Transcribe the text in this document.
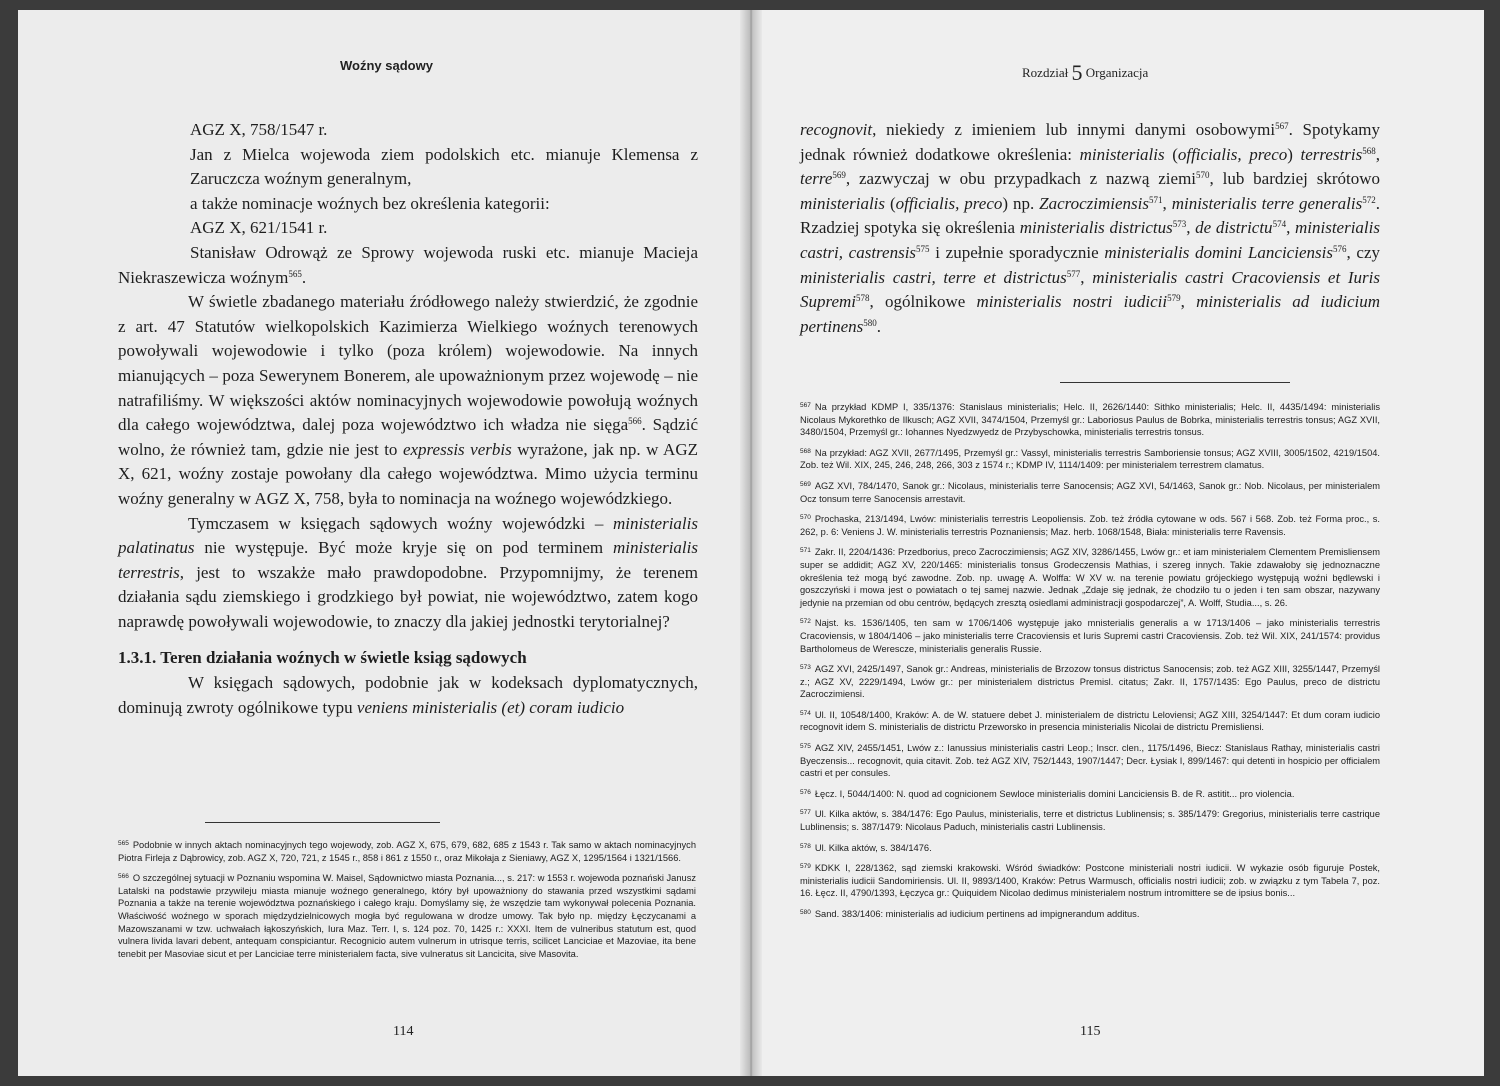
Woźny sądowy	Rozdział 5 Organizacja

AGZ X, 758/1547 r.

Jan z Mielca wojewoda ziem podolskich etc. mianuje Klemensa z Zaruczcza woźnym generalnym,

a także nominacje woźnych bez określenia kategorii:

AGZ X, 621/1541 r.

Stanisław Odrowąż ze Sprowy wojewoda ruski etc. mianuje Macieja Niekraszewicza woźnym$^{565}$.

W świetle zbadanego materiału źródłowego należy stwierdzić, że zgodnie z art. 47 Statutów wielkopolskich Kazimierza Wielkiego woźnych terenowych powoływali wojewodowie i tylko (poza królem) wojewodowie. Na innych mianujących – poza Sewerynem Bonerem, ale upoważnionym przez wojewodę – nie natrafiliśmy. W większości aktów nominacyjnych wojewodowie powołują woźnych dla całego województwa, dalej poza województwo ich władza nie sięga$^{566}$. Sądzić wolno, że również tam, gdzie nie jest to expressis verbis wyrażone, jak np. w AGZ X, 621, woźny zostaje powołany dla całego województwa. Mimo użycia terminu woźny generalny w AGZ X, 758, była to nominacja na woźnego wojewódzkiego.

Tymczasem w księgach sądowych woźny wojewódzki – ministerialis palatinatus nie występuje. Być może kryje się on pod terminem ministerialis terrestris, jest to wszakże mało prawdopodobne. Przypomnijmy, że terenem działania sądu ziemskiego i grodzkiego był powiat, nie województwo, zatem kogo naprawdę powoływali wojewodowie, to znaczy dla jakiej jednostki terytorialnej?

1.3.1. Teren działania woźnych w świetle ksiąg sądowych

W księgach sądowych, podobnie jak w kodeksach dyplomatycznych, dominują zwroty ogólnikowe typu veniens ministerialis (et) coram iudicio

$^{565}$ Podobnie w innych aktach nominacyjnych tego wojewody, zob. AGZ X, 675, 679, 682, 685 z 1543 r. Tak samo w aktach nominacyjnych Piotra Firleja z Dąbrowicy, zob. AGZ X, 720, 721, z 1545 r., 858 i 861 z 1550 r., oraz Mikołaja z Sieniawy, AGZ X, 1295/1564 i 1321/1566.

$^{566}$ O szczególnej sytuacji w Poznaniu wspomina W. Maisel, Sądownictwo miasta Poznania..., s. 217: w 1553 r. wojewoda poznański Janusz Latalski na podstawie przywileju miasta mianuje woźnego generalnego, który był upoważniony do stawania przed wszystkimi sądami Poznania a także na terenie województwa poznańskiego i całego kraju. Domyślamy się, że wszędzie tam wykonywał polecenia Poznania. Właściwość woźnego w sporach międzydzielnicowych mogła być regulowana w drodze umowy. Tak było np. między Łęczycanami a Mazowszanami w tzw. uchwałach łąkoszyńskich, Iura Maz. Terr. I, s. 124 poz. 70, 1425 r.: XXXI. Item de vulneribus statutum est, quod vulnera livida lavari debent, antequam conspiciantur. Recognicio autem vulnerum in utrisque terris, scilicet Lanciciae et Mazoviae, ita bene tenebit per Masoviae sicut et per Lanciciae terre ministerialem facta, sive vulneratus sit Lancicita, sive Masovita.

114

recognovit, niekiedy z imieniem lub innymi danymi osobowymi$^{567}$. Spotykamy jednak również dodatkowe określenia: ministerialis (officialis, preco) terrestris$^{568}$, terre$^{569}$, zazwyczaj w obu przypadkach z nazwą ziemi$^{570}$, lub bardziej skrótowo ministerialis (officialis, preco) np. Zacroczimiensis$^{571}$, ministerialis terre generalis$^{572}$. Rzadziej spotyka się określenia ministerialis districtus$^{573}$, de districtu$^{574}$, ministerialis castri, castrensis$^{575}$ i zupełnie sporadycznie ministerialis domini Lanciciensis$^{576}$, czy ministerialis castri, terre et districtus$^{577}$, ministerialis castri Cracoviensis et Iuris Supremi$^{578}$, ogólnikowe ministerialis nostri iudicii$^{579}$, ministerialis ad iudicium pertinens$^{580}$.

$^{567}$ Na przykład KDMP I, 335/1376: Stanislaus ministerialis; Helc. II, 2626/1440: Sithko ministerialis; Helc. II, 4435/1494: ministerialis Nicolaus Mykorethko de Ilkusch; AGZ XVII, 3474/1504, Przemyśl gr.: Laboriosus Paulus de Bobrka, ministerialis terrestris tonsus; AGZ XVII, 3480/1504, Przemyśl gr.: Iohannes Nyedzwyedz de Przybyschowka, ministerialis terrestris tonsus.

$^{568}$ Na przykład: AGZ XVII, 2677/1495, Przemyśl gr.: Vassyl, ministerialis terrestris Samboriensie tonsus; AGZ XVIII, 3005/1502, 4219/1504. Zob. też Wil. XIX, 245, 246, 248, 266, 303 z 1574 r.; KDMP IV, 1114/1409: per ministerialem terrestrem clamatus.

$^{569}$ AGZ XVI, 784/1470, Sanok gr.: Nicolaus, ministerialis terre Sanocensis; AGZ XVI, 54/1463, Sanok gr.: Nob. Nicolaus, per ministerialem Ocz tonsum terre Sanocensis arrestavit.

$^{570}$ Prochaska, 213/1494, Lwów: ministerialis terrestris Leopoliensis. Zob. też źródła cytowane w ods. 567 i 568. Zob. też Forma proc., s. 262, p. 6: Veniens J. W. ministerialis terrestris Poznaniensis; Maz. herb. 1068/1548, Biała: ministerialis terre Ravensis.

$^{571}$ Zakr. II, 2204/1436: Przedborius, preco Zacroczimiensis; AGZ XIV, 3286/1455, Lwów gr.: et iam ministerialem Clementem Premisliensem super se addidit; AGZ XV, 220/1465: ministerialis tonsus Grodeczensis Mathias, i szereg innych. Takie zdawałoby się jednoznaczne określenia też mogą być zawodne. Zob. np. uwagę A. Wolffa: W XV w. na terenie powiatu grójeckiego występują woźni będlewski i goszczyński i mowa jest o powiatach o tej samej nazwie. Jednak „Zdaje się jednak, że chodziło tu o jeden i ten sam obszar, nazywany jedynie na przemian od obu centrów, będących zresztą osiedlami administracji gospodarczej”, A. Wolff, Studia..., s. 26.

$^{572}$ Najst. ks. 1536/1405, ten sam w 1706/1406 występuje jako mnisterialis generalis a w 1713/1406 – jako ministerialis terrestris Cracoviensis, w 1804/1406 – jako ministerialis terre Cracoviensis et Iuris Supremi castri Cracoviensis. Zob. też Wil. XIX, 241/1574: providus Bartholomeus de Weresczе, ministerialis generalis Russie.

$^{573}$ AGZ XVI, 2425/1497, Sanok gr.: Andreas, ministerialis de Brzozow tonsus districtus Sanocensis; zob. też AGZ XIII, 3255/1447, Przemyśl z.; AGZ XV, 2229/1494, Lwów gr.: per ministerialem districtus Premisl. citatus; Zakr. II, 1757/1435: Ego Paulus, preco de districtu Zacroczimiensi.

$^{574}$ Ul. II, 10548/1400, Kraków: A. de W. statuere debet J. ministerialem de districtu Leloviensi; AGZ XIII, 3254/1447: Et dum coram iudicio recognovit idem S. ministerialis de districtu Przeworsko in presencia ministerialis Nicolai de districtu Premisliensi.

$^{575}$ AGZ XIV, 2455/1451, Lwów z.: Ianussius ministerialis castri Leop.; Inscr. clen., 1175/1496, Biecz: Stanislaus Rathay, ministerialis castri Byeczensis... recognovit, quia citavit. Zob. też AGZ XIV, 752/1443, 1907/1447; Decr. Łysiak I, 899/1467: qui detenti in hospicio per officialem castri et per consules.

$^{576}$ Łęcz. I, 5044/1400: N. quod ad cognicionem Sewloce ministerialis domini Lanciciensis B. de R. astitit... pro violencia.

$^{577}$ Ul. Kilka aktów, s. 384/1476: Ego Paulus, ministerialis, terre et districtus Lublinensis; s. 385/1479: Gregorius, ministerialis terre castrique Lublinensis; s. 387/1479: Nicolaus Paduch, ministerialis castri Lublinensis.

$^{578}$ Ul. Kilka aktów, s. 384/1476.

$^{579}$ KDKK I, 228/1362, sąd ziemski krakowski. Wśród świadków: Postcone ministeriali nostri iudicii. W wykazie osób figuruje Postek, ministerialis iudicii Sandomiriensis. Ul. II, 9893/1400, Kraków: Petrus Warmusch, officialis nostri iudicii; zob. w związku z tym Tabela 7, poz. 16. Łęcz. II, 4790/1393, Łęczyca gr.: Quiquidem Nicolao dedimus ministerialem nostrum intromittere se de ipsius bonis...

$^{580}$ Sand. 383/1406: ministerialis ad iudicium pertinens ad impignerandum additus.

115
